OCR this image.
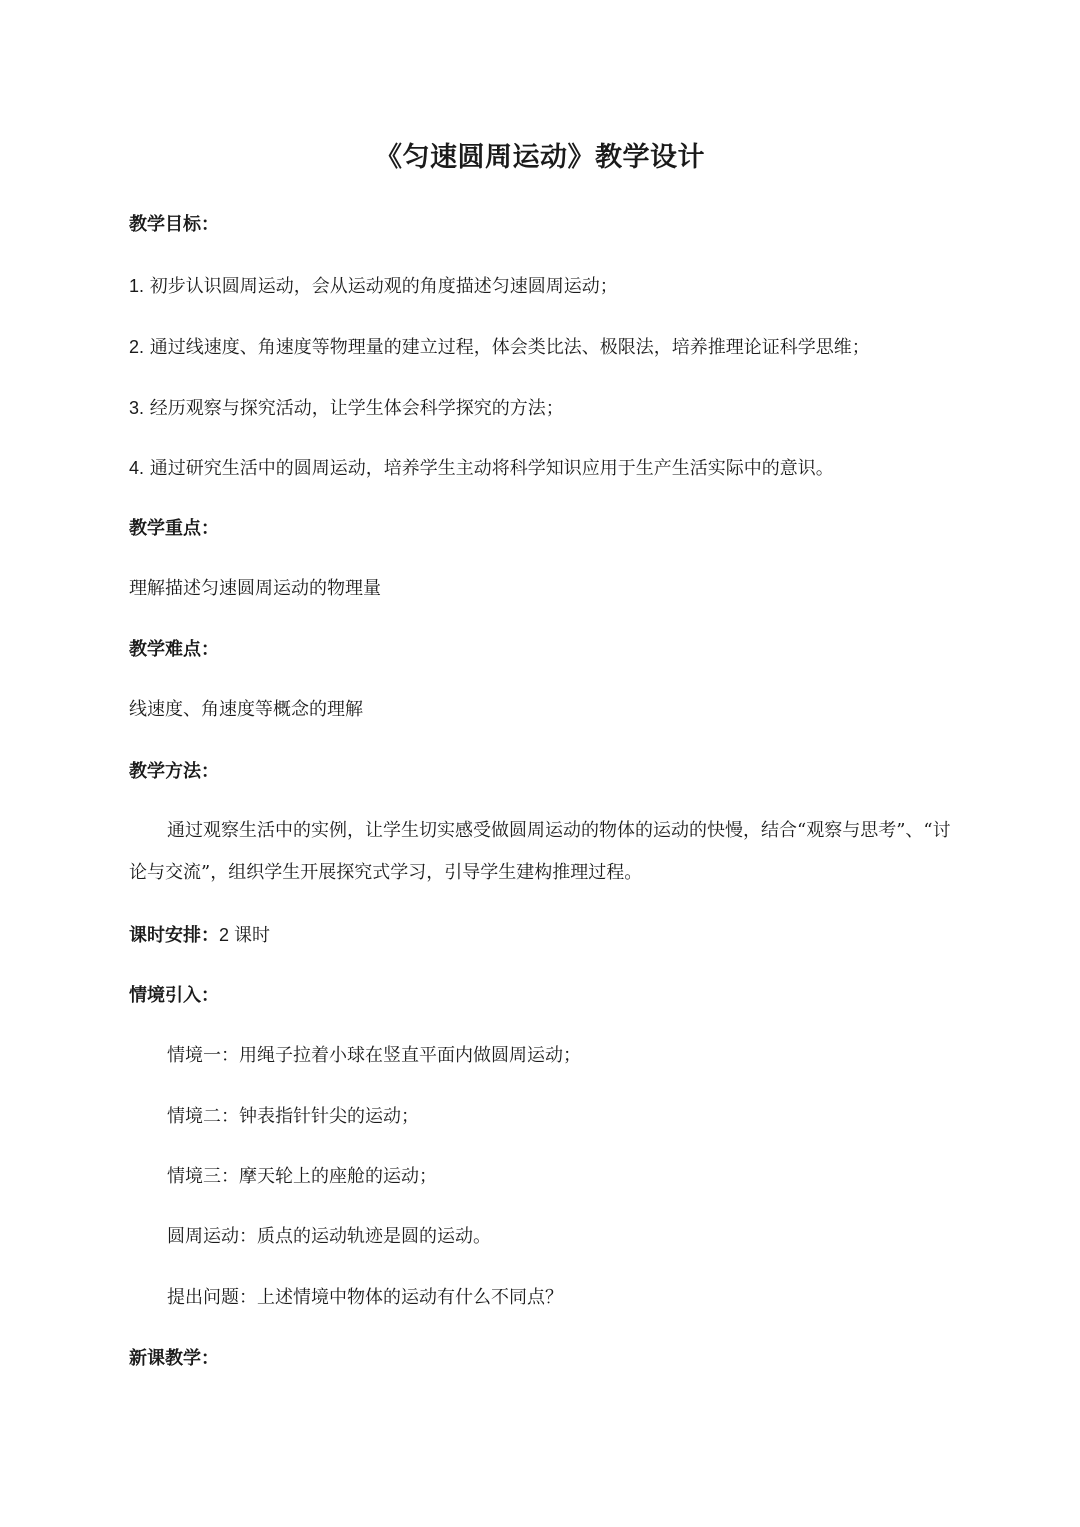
《匀速圆周运动》教学设计
教学目标：
1. 初步认识圆周运动，会从运动观的角度描述匀速圆周运动；
2. 通过线速度、角速度等物理量的建立过程，体会类比法、极限法，培养推理论证科学思维；
3. 经历观察与探究活动，让学生体会科学探究的方法；
4. 通过研究生活中的圆周运动，培养学生主动将科学知识应用于生产生活实际中的意识。
教学重点：
理解描述匀速圆周运动的物理量
教学难点：
线速度、角速度等概念的理解
教学方法：
通过观察生活中的实例，让学生切实感受做圆周运动的物体的运动的快慢，结合“观察与思考”、“讨论与交流”，组织学生开展探究式学习，引导学生建构推理过程。
课时安排：2 课时
情境引入：
情境一：用绳子拉着小球在竖直平面内做圆周运动；
情境二：钟表指针针尖的运动；
情境三：摩天轮上的座舱的运动；
圆周运动：质点的运动轨迹是圆的运动。
提出问题：上述情境中物体的运动有什么不同点？
新课教学：
